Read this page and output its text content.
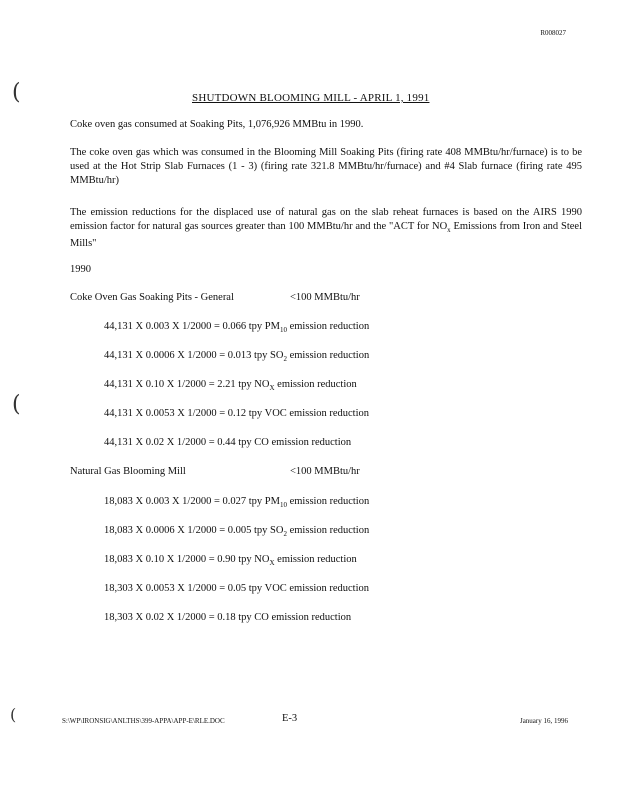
R008027
(
(
(
SHUTDOWN BLOOMING MILL - APRIL 1, 1991
Coke oven gas consumed at Soaking Pits, 1,076,926 MMBtu in 1990.
The coke oven gas which was consumed in the Blooming Mill Soaking Pits (firing rate 408 MMBtu/hr/furnace) is to be used at the Hot Strip Slab Furnaces (1 - 3) (firing rate 321.8 MMBtu/hr/furnace) and #4 Slab furnace (firing rate 495 MMBtu/hr)
The emission reductions for the displaced use of natural gas on the slab reheat furnaces is based on the AIRS 1990 emission factor for natural gas sources greater than 100 MMBtu/hr and the "ACT for $NO_x$ Emissions from Iron and Steel Mills"
1990
Coke Oven Gas Soaking Pits - General	<100 MMBtu/hr
44,131 X 0.003 X 1/2000 = 0.066 tpy $PM_{10}$ emission reduction
44,131 X 0.0006 X 1/2000 = 0.013 tpy $SO_2$ emission reduction
44,131 X 0.10 X 1/2000 = 2.21 tpy $NO_X$ emission reduction
44,131 X 0.0053 X 1/2000 = 0.12 tpy VOC emission reduction
44,131 X 0.02 X 1/2000 = 0.44 tpy CO emission reduction
Natural Gas Blooming Mill	<100 MMBtu/hr
18,083 X 0.003 X 1/2000 = 0.027 tpy $PM_{10}$ emission reduction
18,083 X 0.0006 X 1/2000 = 0.005 tpy $SO_2$ emission reduction
18,083 X 0.10 X 1/2000 = 0.90 tpy $NO_X$ emission reduction
18,303 X 0.0053 X 1/2000 = 0.05 tpy VOC emission reduction
18,303 X 0.02 X 1/2000 = 0.18 tpy CO emission reduction
S:\WP\IRONSIG\ANLTHS\399-APPA\APP-E\RLE.DOC	E-3	January 16, 1996
